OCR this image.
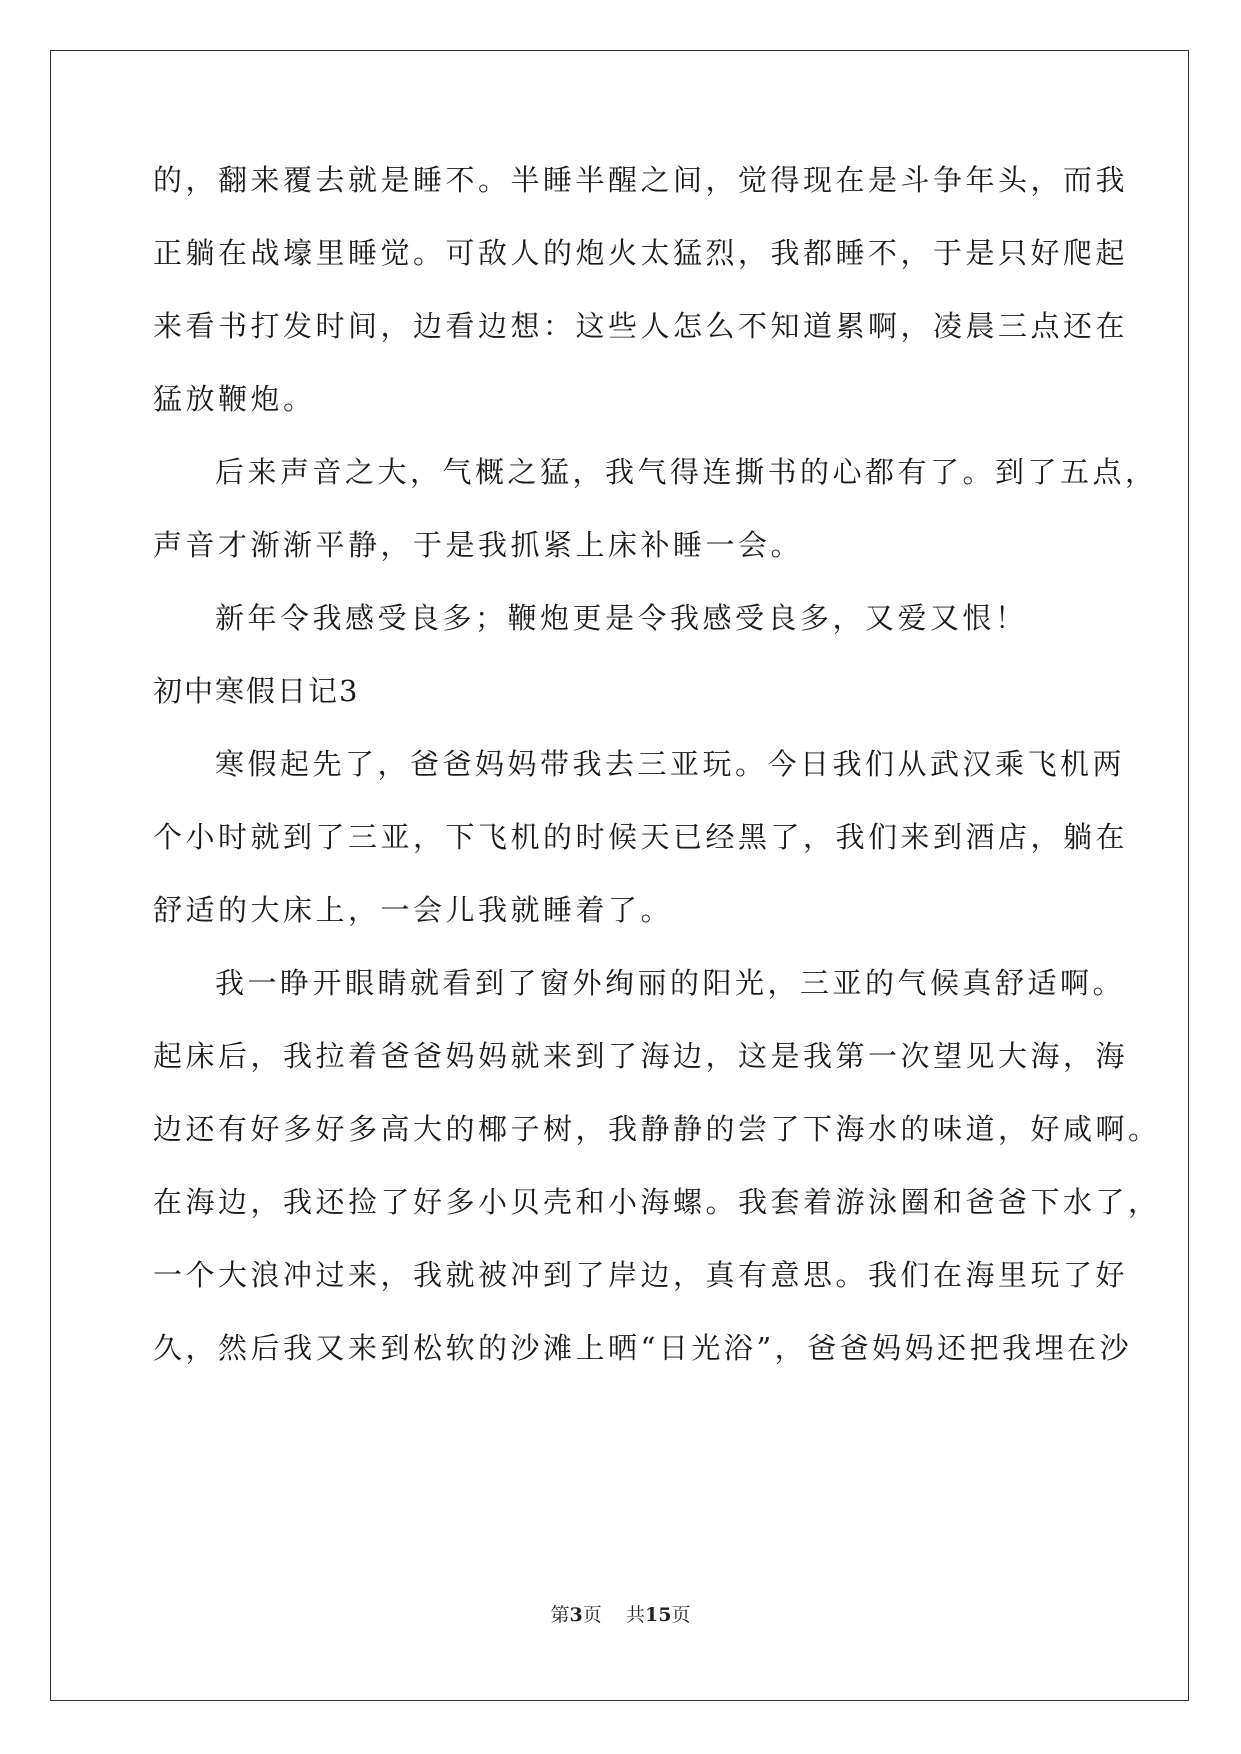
的，翻来覆去就是睡不。半睡半醒之间，觉得现在是斗争年头，而我
正躺在战壕里睡觉。可敌人的炮火太猛烈，我都睡不，于是只好爬起
来看书打发时间，边看边想：这些人怎么不知道累啊，凌晨三点还在
猛放鞭炮。
后来声音之大，气概之猛，我气得连撕书的心都有了。到了五点，
声音才渐渐平静，于是我抓紧上床补睡一会。
新年令我感受良多；鞭炮更是令我感受良多，又爱又恨！
初中寒假日记3
寒假起先了，爸爸妈妈带我去三亚玩。今日我们从武汉乘飞机两
个小时就到了三亚，下飞机的时候天已经黑了，我们来到酒店，躺在
舒适的大床上，一会儿我就睡着了。
我一睁开眼睛就看到了窗外绚丽的阳光，三亚的气候真舒适啊。
起床后，我拉着爸爸妈妈就来到了海边，这是我第一次望见大海，海
边还有好多好多高大的椰子树，我静静的尝了下海水的味道，好咸啊。
在海边，我还捡了好多小贝壳和小海螺。我套着游泳圈和爸爸下水了，
一个大浪冲过来，我就被冲到了岸边，真有意思。我们在海里玩了好
久，然后我又来到松软的沙滩上晒“日光浴”，爸爸妈妈还把我埋在沙
第3页 共15页
